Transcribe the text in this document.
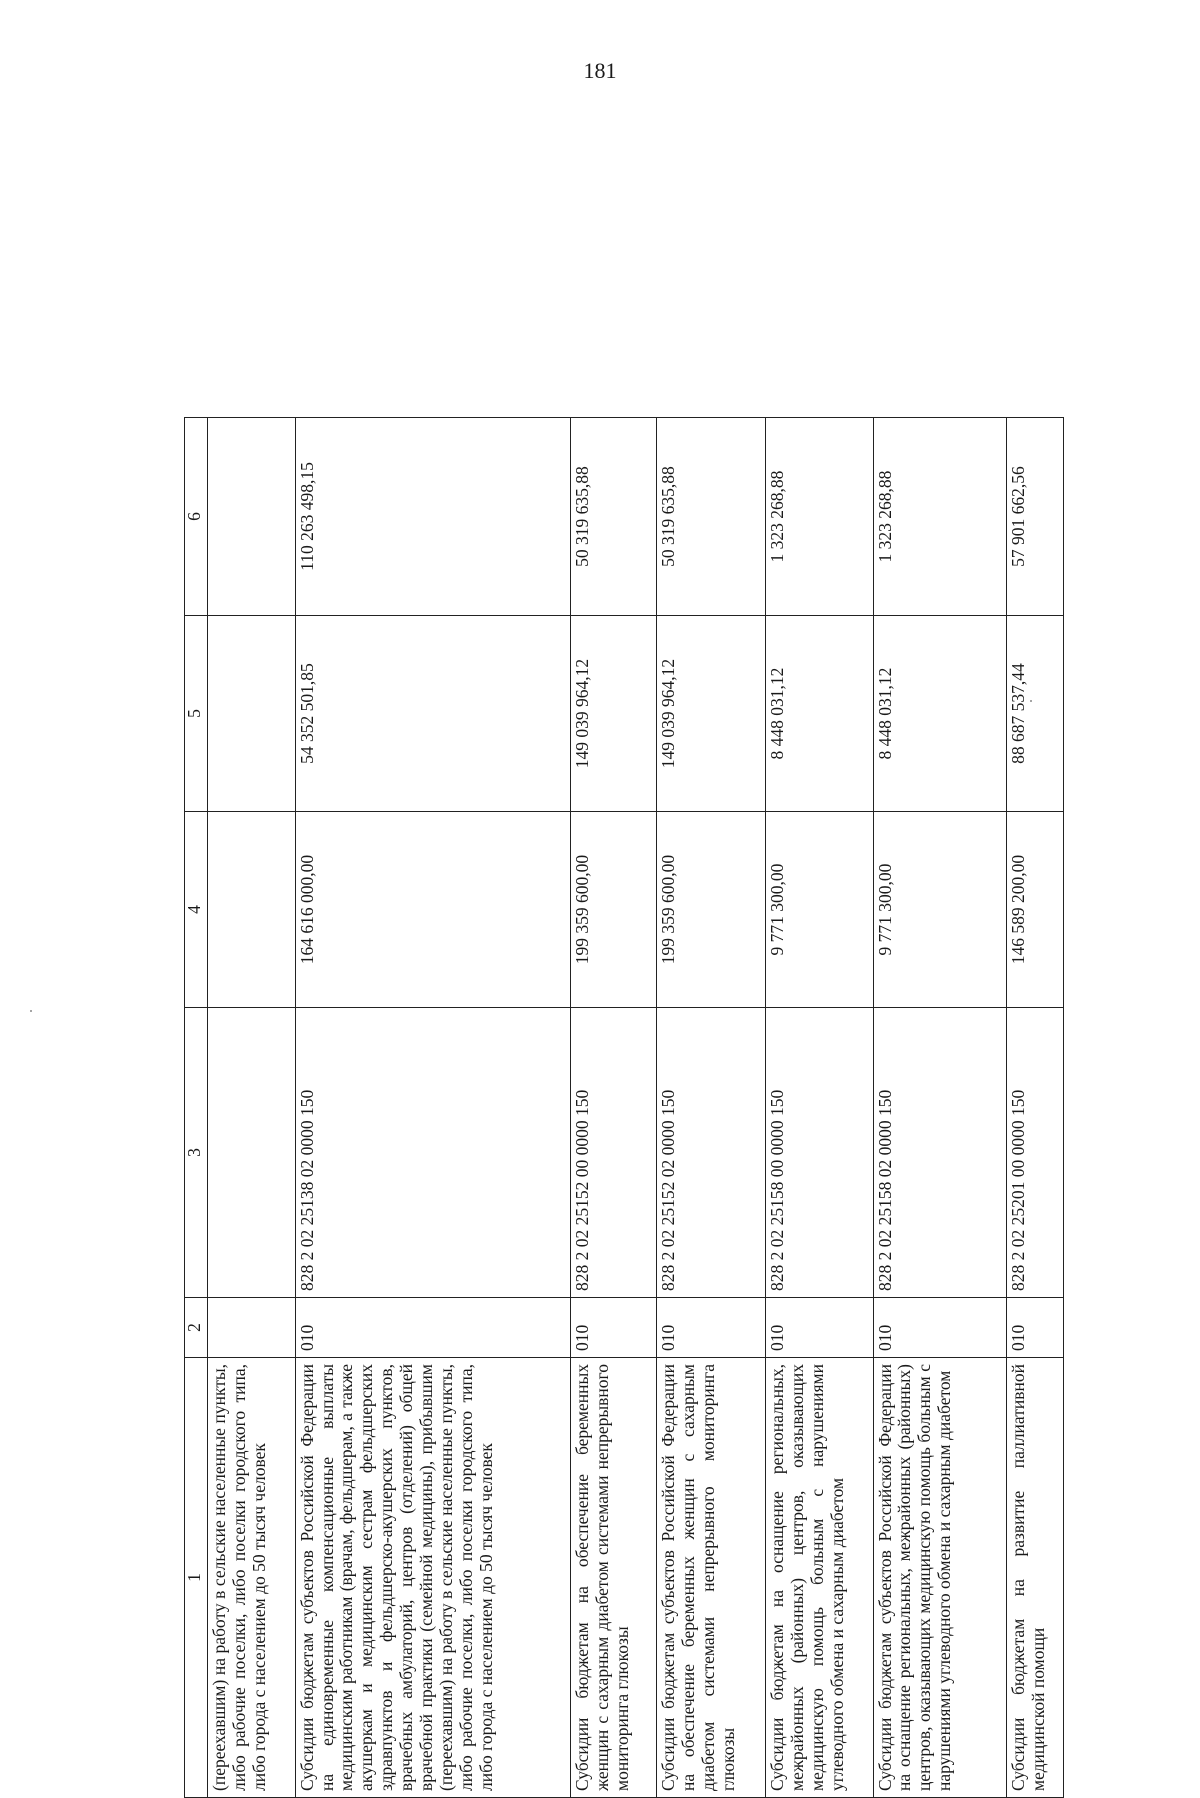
181
1	2	3	4	5	6
(переехавшим) на работу в сельские населенные пункты, либо рабочие поселки, либо поселки городского типа, либо города с населением до 50 тысяч человек					
Субсидии бюджетам субъектов Российской Федерации на единовременные компенсационные выплаты медицинским работникам (врачам, фельдшерам, а также акушеркам и медицинским сестрам фельдшерских здравпунктов и фельдшерско-акушерских пунктов, врачебных амбулаторий, центров (отделений) общей врачебной практики (семейной медицины), прибывшим (переехавшим) на работу в сельские населенные пункты, либо рабочие поселки, либо поселки городского типа, либо города с населением до 50 тысяч человек	010	828 2 02 25138 02 0000 150	164 616 000,00	54 352 501,85	110 263 498,15
Субсидии бюджетам на обеспечение беременных женщин с сахарным диабетом системами непрерывного мониторинга глюкозы	010	828 2 02 25152 00 0000 150	199 359 600,00	149 039 964,12	50 319 635,88
Субсидии бюджетам субъектов Российской Федерации на обеспечение беременных женщин с сахарным диабетом системами непрерывного мониторинга глюкозы	010	828 2 02 25152 02 0000 150	199 359 600,00	149 039 964,12	50 319 635,88
Субсидии бюджетам на оснащение региональных, межрайонных (районных) центров, оказывающих медицинскую помощь больным с нарушениями углеводного обмена и сахарным диабетом	010	828 2 02 25158 00 0000 150	9 771 300,00	8 448 031,12	1 323 268,88
Субсидии бюджетам субъектов Российской Федерации на оснащение региональных, межрайонных (районных) центров, оказывающих медицинскую помощь больным с нарушениями углеводного обмена и сахарным диабетом	010	828 2 02 25158 02 0000 150	9 771 300,00	8 448 031,12	1 323 268,88
Субсидии бюджетам на развитие паллиативной медицинской помощи	010	828 2 02 25201 00 0000 150	146 589 200,00	88 687 537,44	57 901 662,56
